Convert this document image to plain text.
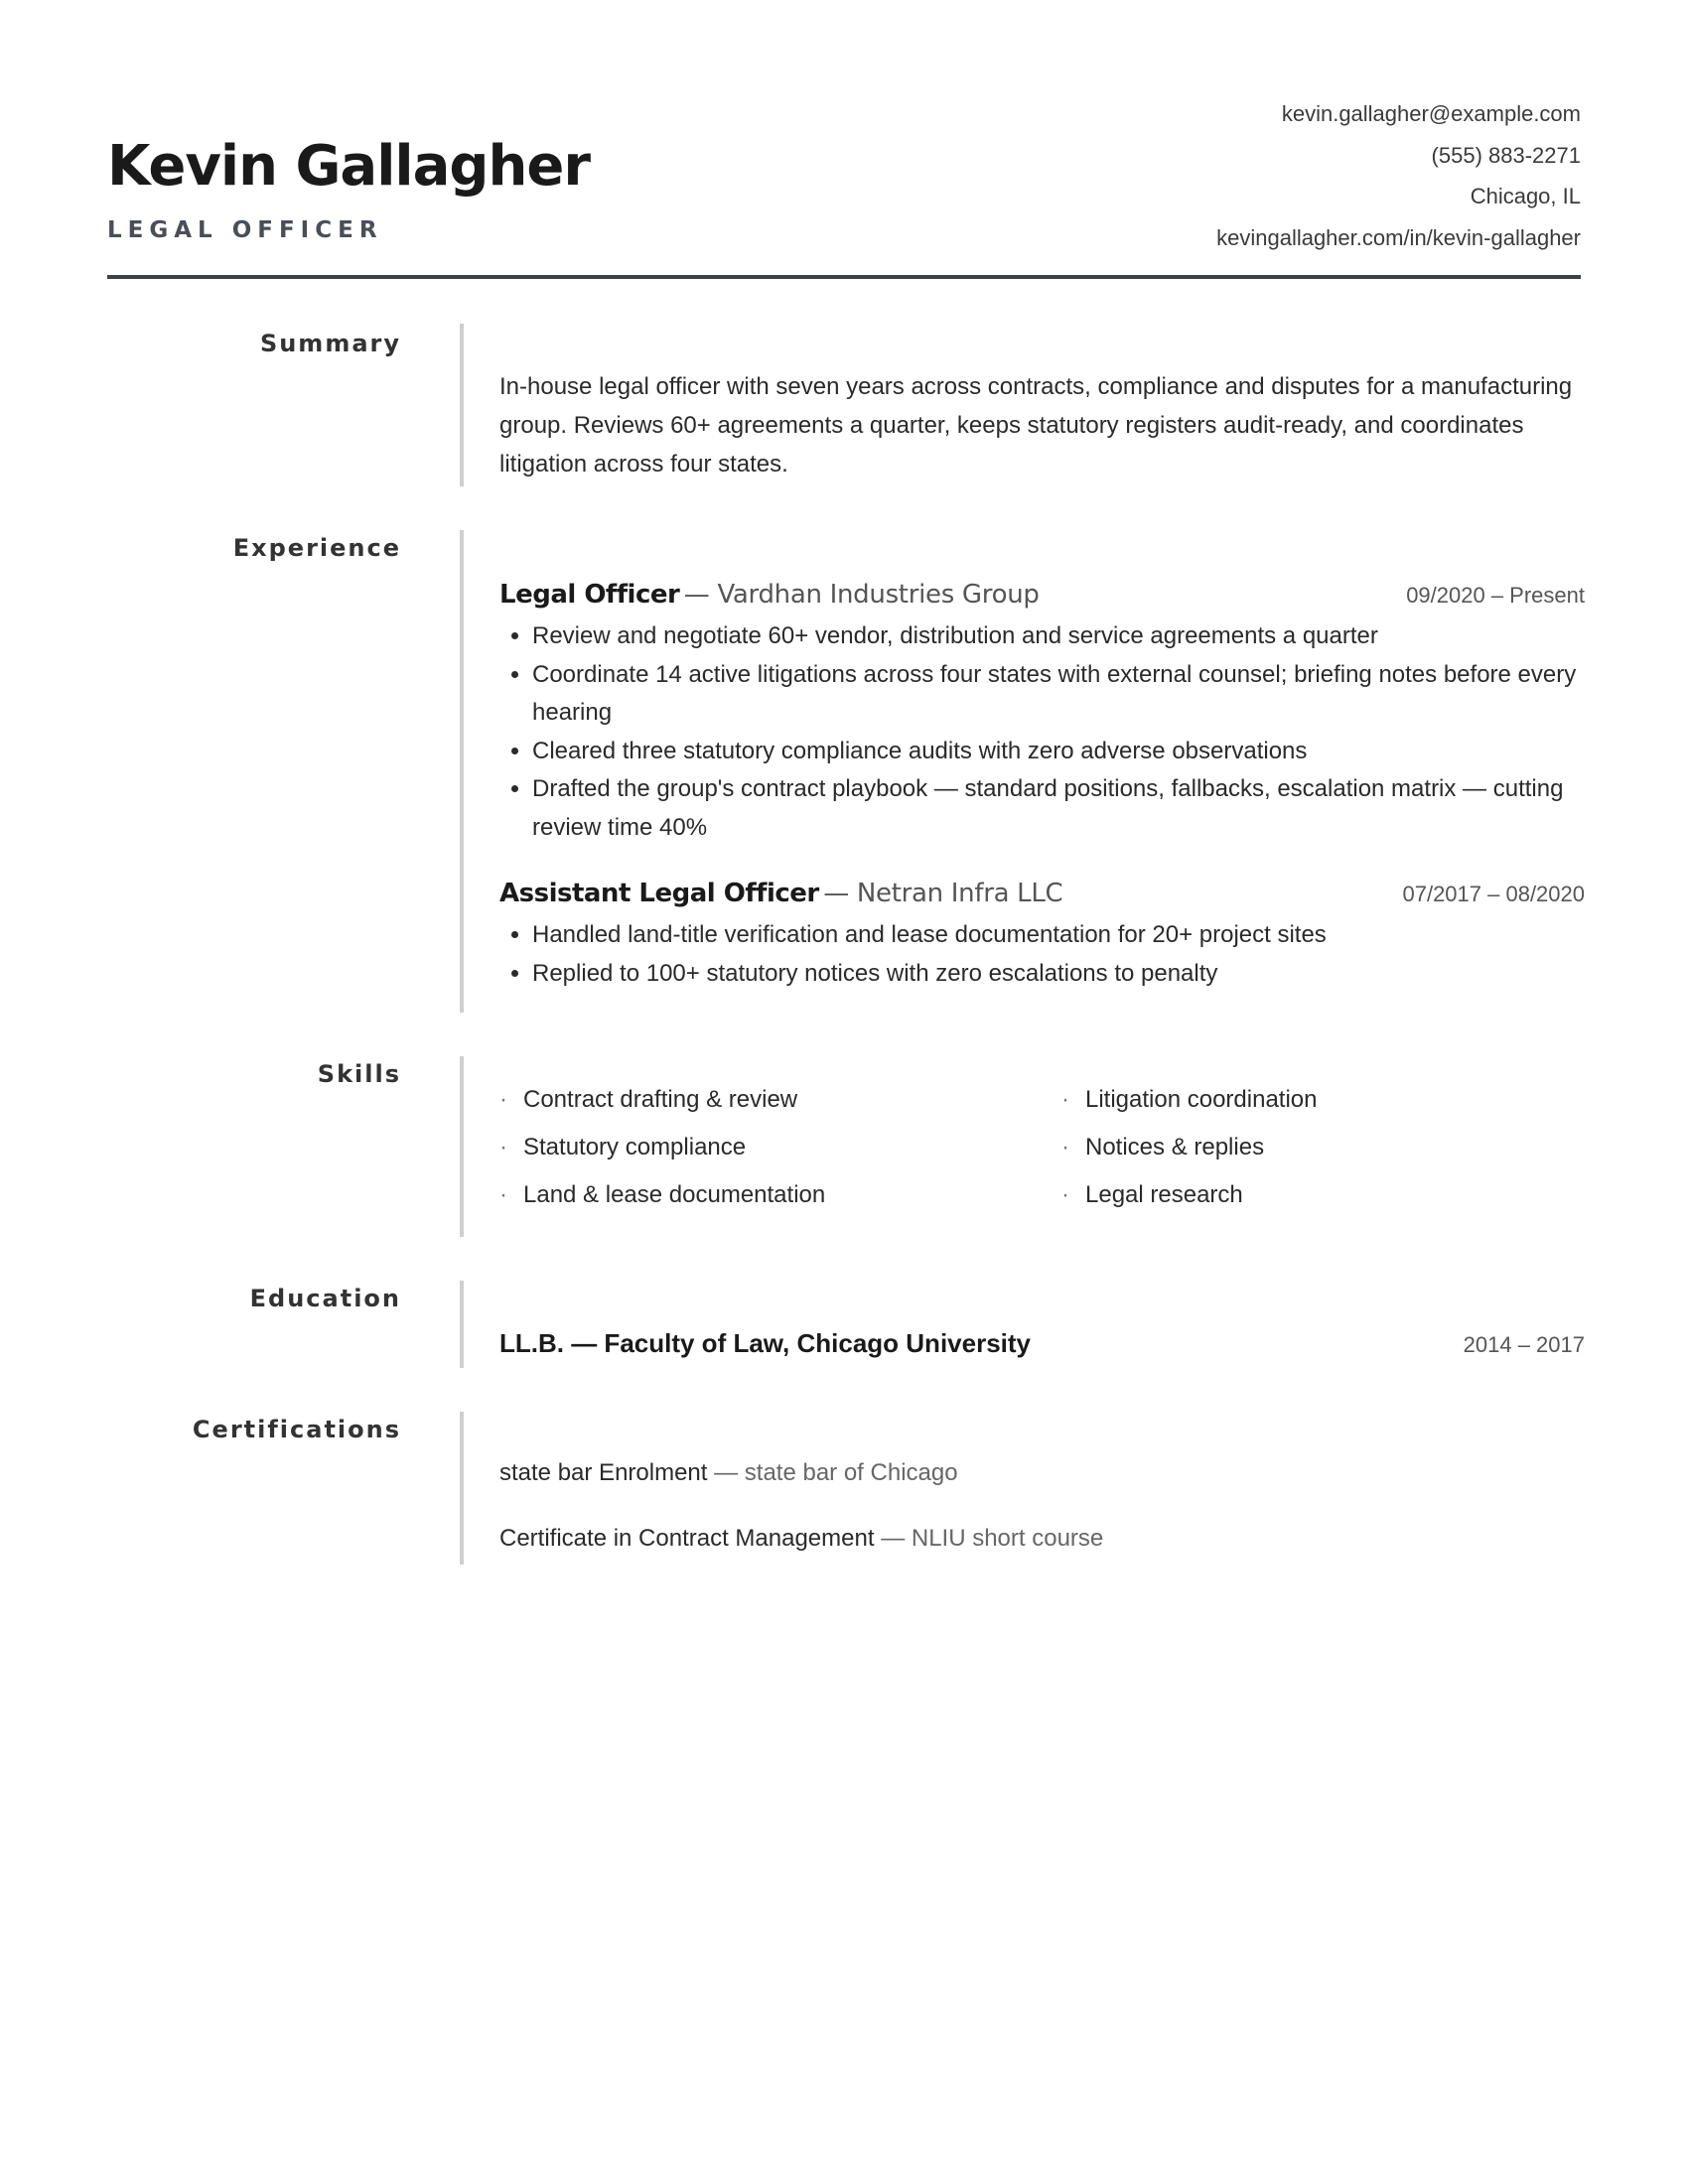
Kevin Gallagher
LEGAL OFFICER
kevin.gallagher@example.com
(555) 883-2271
Chicago, IL
kevingallagher.com/in/kevin-gallagher
Summary

In-house legal officer with seven years across contracts, compliance and disputes for a manufacturing group. Reviews 60+ agreements a quarter, keeps statutory registers audit-ready, and coordinates litigation across four states.

Experience
Legal Officer — Vardhan Industries Group	09/2020 – Present
• Review and negotiate 60+ vendor, distribution and service agreements a quarter
• Coordinate 14 active litigations across four states with external counsel; briefing notes before every hearing
• Cleared three statutory compliance audits with zero adverse observations
• Drafted the group's contract playbook — standard positions, fallbacks, escalation matrix — cutting review time 40%
Assistant Legal Officer — Netran Infra LLC	07/2017 – 08/2020
• Handled land-title verification and lease documentation for 20+ project sites
• Replied to 100+ statutory notices with zero escalations to penalty
Skills
· Contract drafting & review	· Litigation coordination
· Statutory compliance	· Notices & replies
· Land & lease documentation	· Legal research
Education
LL.B. — Faculty of Law, Chicago University	2014 – 2017
Certifications
state bar Enrolment — state bar of Chicago
Certificate in Contract Management — NLIU short course
